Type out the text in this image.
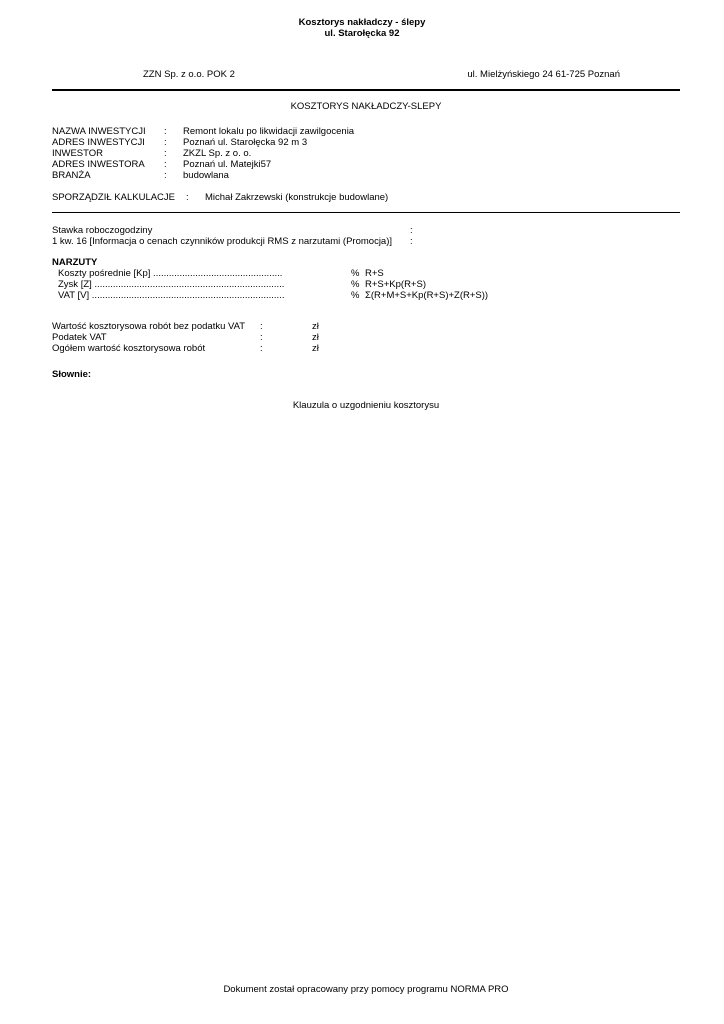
Kosztorys nakładczy - ślepy
ul. Starołęcka 92
ZZN Sp. z o.o. POK 2	ul. Mielżyńskiego 24 61-725 Poznań
KOSZTORYS NAKŁADCZY-SLEPY
NAZWA INWESTYCJI : Remont lokalu po likwidacji zawilgocenia
ADRES INWESTYCJI : Poznań ul. Starołęcka 92 m 3
INWESTOR	: ZKZL Sp. z o. o.
ADRES INWESTORA : Poznań ul. Matejki57
BRANŻA	: budowlana
SPORZĄDZIŁ KALKULACJE : Michał Zakrzewski (konstrukcje budowlane)
Stawka roboczogodziny	:
1 kw. 16 [Informacja o cenach czynników produkcji RMS z narzutami (Promocja)] :
NARZUTY
Koszty pośrednie [Kp] .................................................	% R+S
Zysk [Z] ........................................................................	% R+S+Kp(R+S)
VAT [V] .........................................................................	% Σ(R+M+S+Kp(R+S)+Z(R+S))
Wartość kosztorysowa robót bez podatku VAT :	zł
Podatek VAT	:	zł
Ogółem wartość kosztorysowa robót	:	zł
Słownie:
Klauzula o uzgodnieniu kosztorysu
Dokument został opracowany przy pomocy programu NORMA PRO
